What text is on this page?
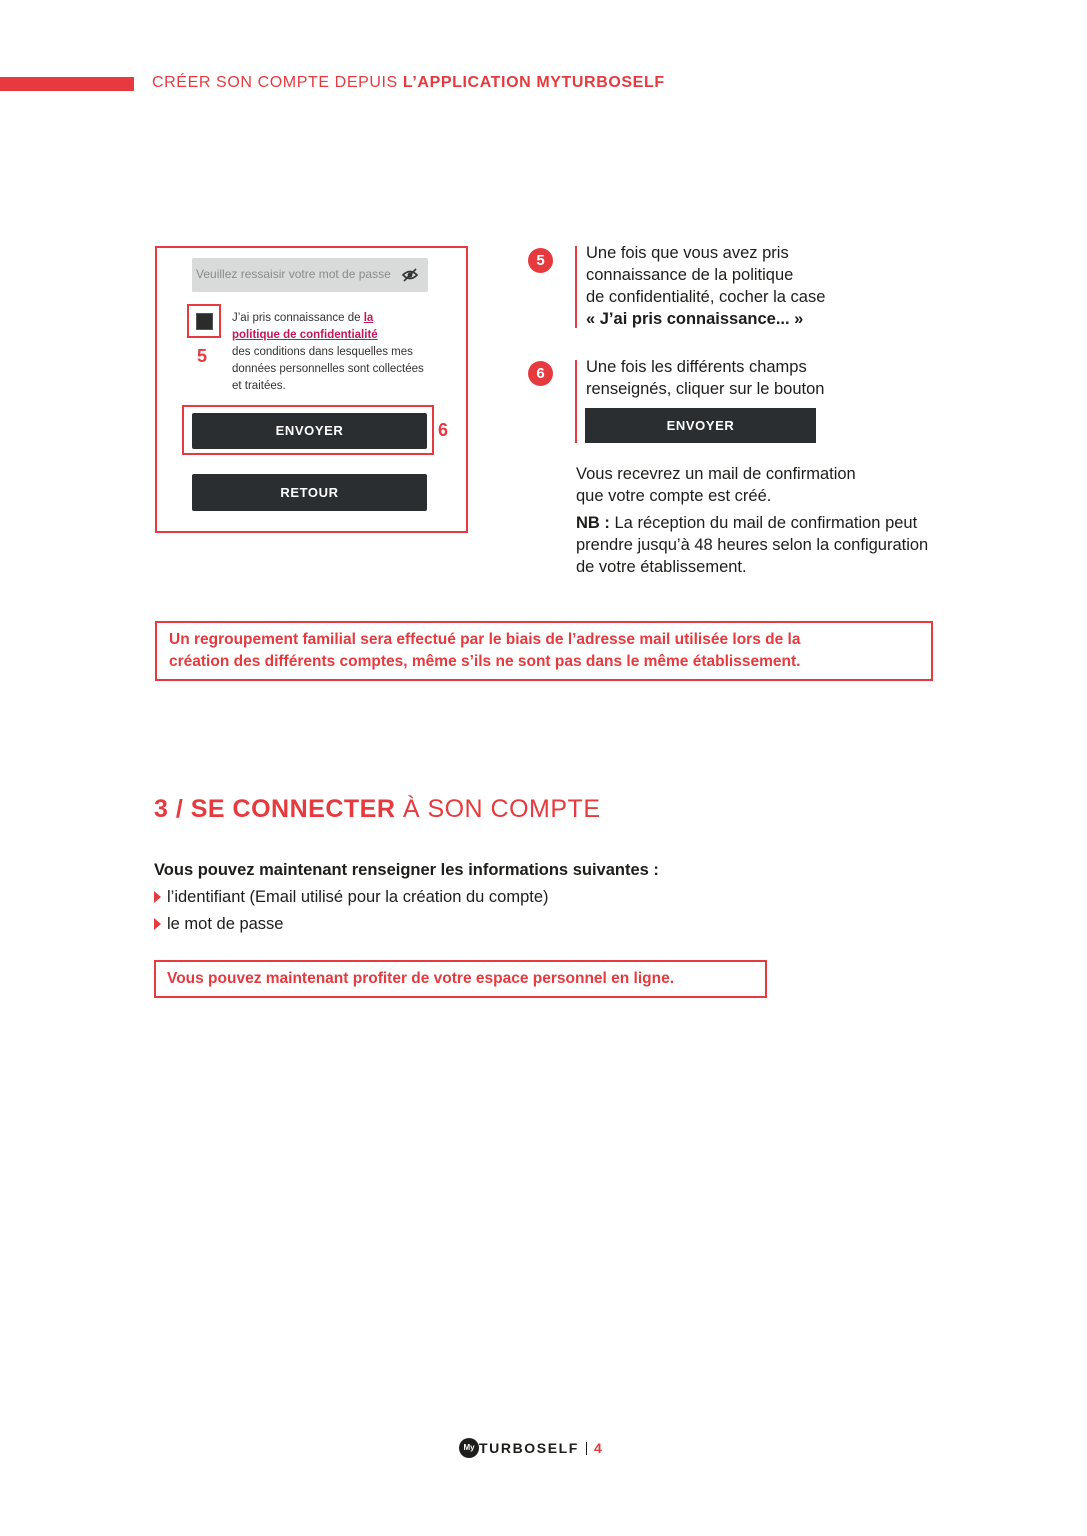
CRÉER SON COMPTE DEPUIS L’APPLICATION MYTURBOSELF
Veuillez ressaisir votre mot de passe
J’ai pris connaissance de la
politique de confidentialité
des conditions dans lesquelles mes données personnelles sont collectées et traitées.
5
ENVOYER	6
RETOUR
5	Une fois que vous avez pris
connaissance de la politique
de confidentialité, cocher la case
« J’ai pris connaissance... »
6	Une fois les différents champs
renseignés, cliquer sur le bouton
ENVOYER
Vous recevrez un mail de confirmation
que votre compte est créé.
NB : La réception du mail de confirmation peut
prendre jusqu’à 48 heures selon la configuration
de votre établissement.
Un regroupement familial sera effectué par le biais de l’adresse mail utilisée lors de la
création des différents comptes, même s’ils ne sont pas dans le même établissement.
3 / SE CONNECTER À SON COMPTE
Vous pouvez maintenant renseigner les informations suivantes :
l’identifiant (Email utilisé pour la création du compte)
le mot de passe
Vous pouvez maintenant profiter de votre espace personnel en ligne.
My TURBOSELF 4
